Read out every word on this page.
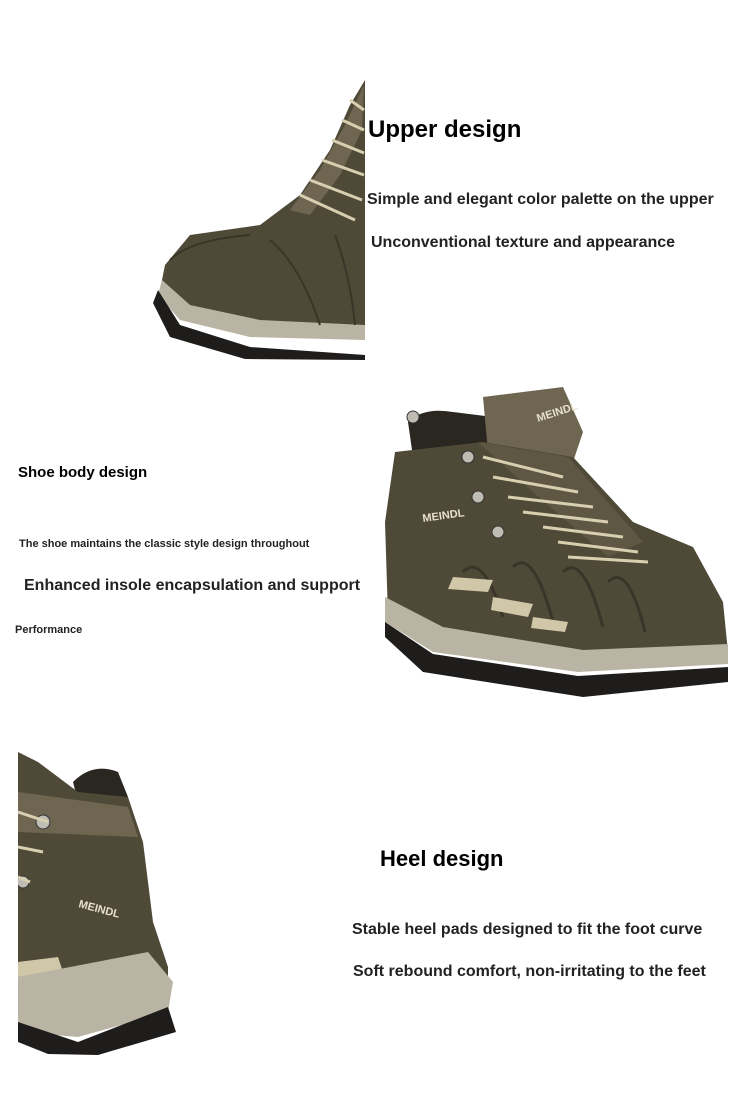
Upper design

Simple and elegant color palette on the upper

Unconventional texture and appearance

Shoe body design

The shoe maintains the classic style design throughout

Enhanced insole encapsulation and support

Performance

MEINDL
MEINDL
MEINDL
Heel design

Stable heel pads designed to fit the foot curve

Soft rebound comfort, non-irritating to the feet
